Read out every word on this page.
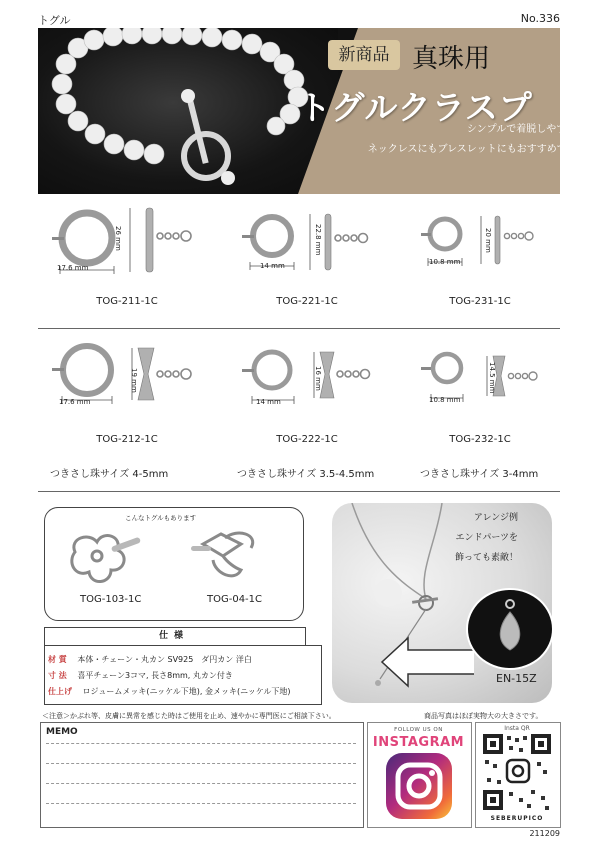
トグル	No.336
新商品 真珠用
トグルクラスプ
シンプルで着脱しやすく、
ネックレスにもブレスレットにもおすすめです。
17.6 mm
26 mm
TOG-211-1C
14 mm
22.8 mm
TOG-221-1C
10.8 mm
20 mm
TOG-231-1C
17.6 mm
19 mm
TOG-212-1C
つきさし珠サイズ 4-5mm
14 mm
16 mm
TOG-222-1C
つきさし珠サイズ 3.5-4.5mm
10.8 mm
14.5 mm
TOG-232-1C
つきさし珠サイズ 3-4mm
こんなトグルもあります
TOG-103-1C	TOG-04-1C
仕様
材 質 本体・チェーン・丸カン SV925　ダ円カン 洋白
寸 法 喜平チェーン3コマ, 長さ8mm, 丸カン付き
仕上げ ロジュームメッキ(ニッケル下地), 金メッキ(ニッケル下地)
アレンジ例
エンドパーツを
飾っても素敵！
EN-15Z
＜注意＞かぶれ等、皮膚に異常を感じた時はご使用を止め、速やかに専門医にご相談下さい。	商品写真はほぼ実物大の大きさです。
MEMO	FOLLOW US ON
INSTAGRAM
Insta QR
SEBERUPICO
211209
